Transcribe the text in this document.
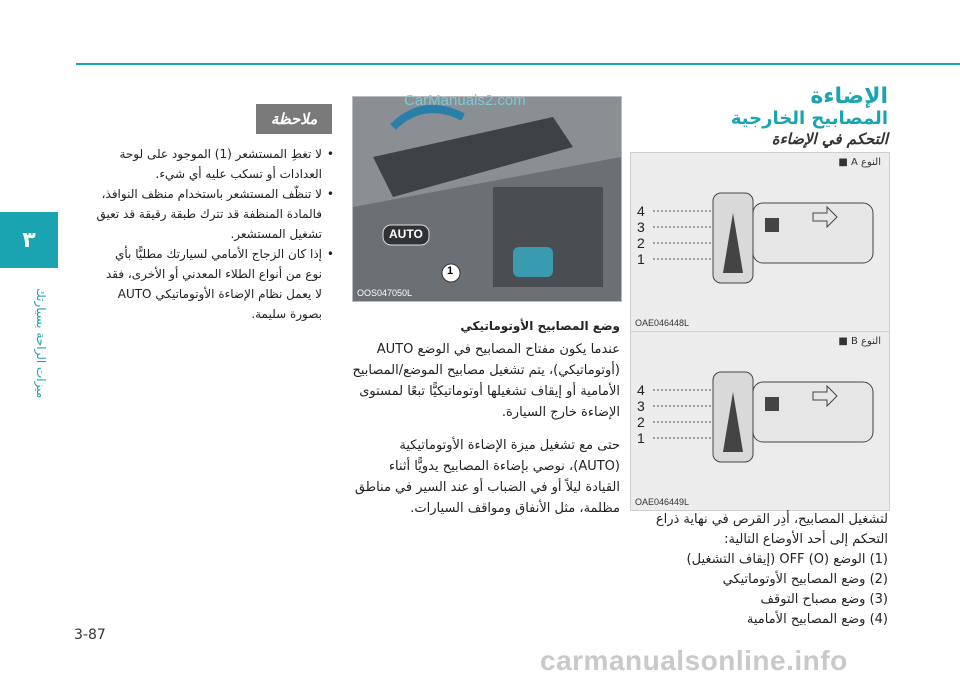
٣
ميزات الراحة بسيارتك
الإضاءة
المصابيح الخارجية
التحكم في الإضاءة
النوع A ■
4
3
2
1
OAE046448L
النوع B ■
4
3
2
1
OAE046449L
AUTO
1
OOS047050L
CarManuals2.com
ملاحظة

• لا تغطِ المستشعر (1) الموجود على لوحة العدادات أو تسكب عليه أي شيء.

• لا تنظّف المستشعر باستخدام منظف النوافذ، فالمادة المنظفة قد تترك طبقة رقيقة قد تعيق تشغيل المستشعر.

• إذا كان الزجاج الأمامي لسيارتك مطليًّا بأي نوع من أنواع الطلاء المعدني أو الأخرى، فقد لا يعمل نظام الإضاءة الأوتوماتيكي AUTO بصورة سليمة.

وضع المصابيح الأوتوماتيكي

عندما يكون مفتاح المصابيح في الوضع AUTO (أوتوماتيكي)، يتم تشغيل مصابيح الموضع/المصابيح الأمامية أو إيقاف تشغيلها أوتوماتيكيًّا تبعًا لمستوى الإضاءة خارج السيارة.

حتى مع تشغيل ميزة الإضاءة الأوتوماتيكية (AUTO)، نوصي بإضاءة المصابيح يدويًّا أثناء القيادة ليلاً أو في الضباب أو عند السير في مناطق مظلمة، مثل الأنفاق ومواقف السيارات.

لتشغيل المصابيح، أدِر القرص في نهاية ذراع التحكم إلى أحد الأوضاع التالية:

(1) الوضع (O) OFF (إيقاف التشغيل)

(2) وضع المصابيح الأوتوماتيكي

(3) وضع مصباح التوقف

(4) وضع المصابيح الأمامية

3-87
carmanualsonline.info
